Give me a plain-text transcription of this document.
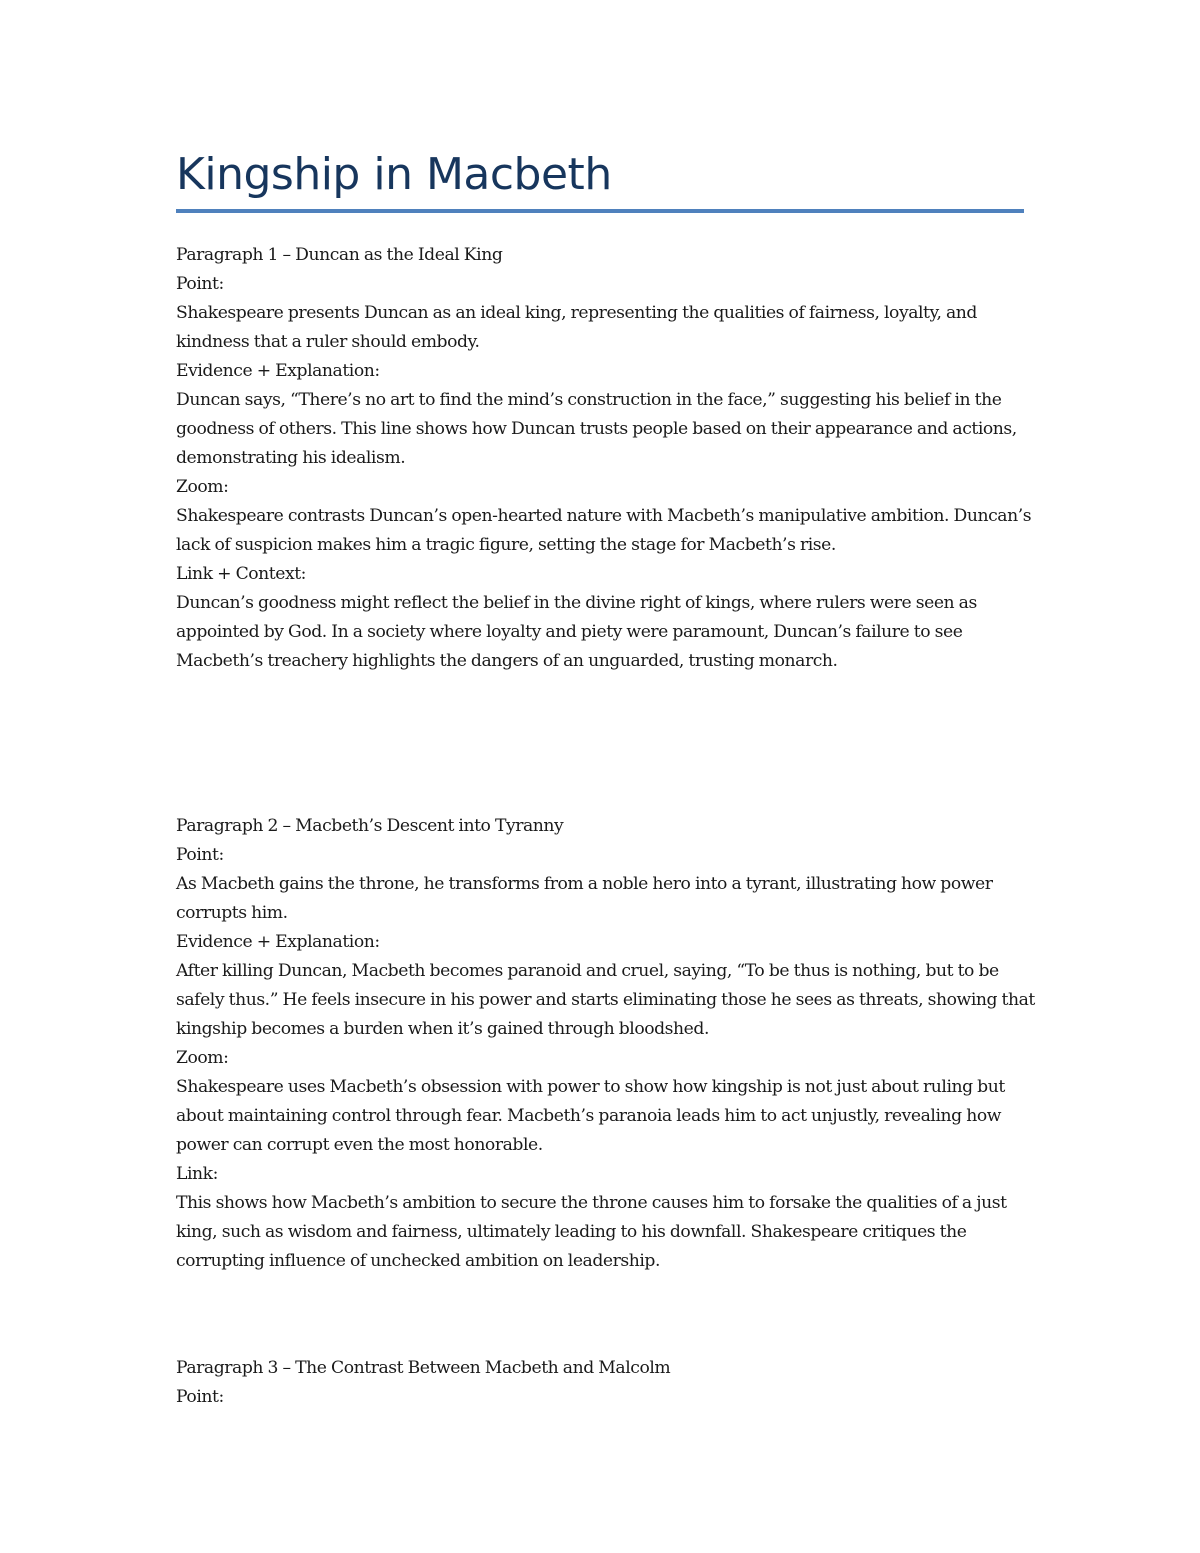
Kingship in Macbeth

Paragraph 1 – Duncan as the Ideal King

Point:

Shakespeare presents Duncan as an ideal king, representing the qualities of fairness, loyalty, and kindness that a ruler should embody.

Evidence + Explanation:

Duncan says, “There’s no art to find the mind’s construction in the face,” suggesting his belief in the goodness of others. This line shows how Duncan trusts people based on their appearance and actions, demonstrating his idealism.

Zoom:

Shakespeare contrasts Duncan’s open-hearted nature with Macbeth’s manipulative ambition. Duncan’s lack of suspicion makes him a tragic figure, setting the stage for Macbeth’s rise.

Link + Context:

Duncan’s goodness might reflect the belief in the divine right of kings, where rulers were seen as appointed by God. In a society where loyalty and piety were paramount, Duncan’s failure to see Macbeth’s treachery highlights the dangers of an unguarded, trusting monarch.

Paragraph 2 – Macbeth’s Descent into Tyranny

Point:

As Macbeth gains the throne, he transforms from a noble hero into a tyrant, illustrating how power corrupts him.

Evidence + Explanation:

After killing Duncan, Macbeth becomes paranoid and cruel, saying, “To be thus is nothing, but to be safely thus.” He feels insecure in his power and starts eliminating those he sees as threats, showing that kingship becomes a burden when it’s gained through bloodshed.

Zoom:

Shakespeare uses Macbeth’s obsession with power to show how kingship is not just about ruling but about maintaining control through fear. Macbeth’s paranoia leads him to act unjustly, revealing how power can corrupt even the most honorable.

Link:

This shows how Macbeth’s ambition to secure the throne causes him to forsake the qualities of a just king, such as wisdom and fairness, ultimately leading to his downfall. Shakespeare critiques the corrupting influence of unchecked ambition on leadership.

Paragraph 3 – The Contrast Between Macbeth and Malcolm

Point:
